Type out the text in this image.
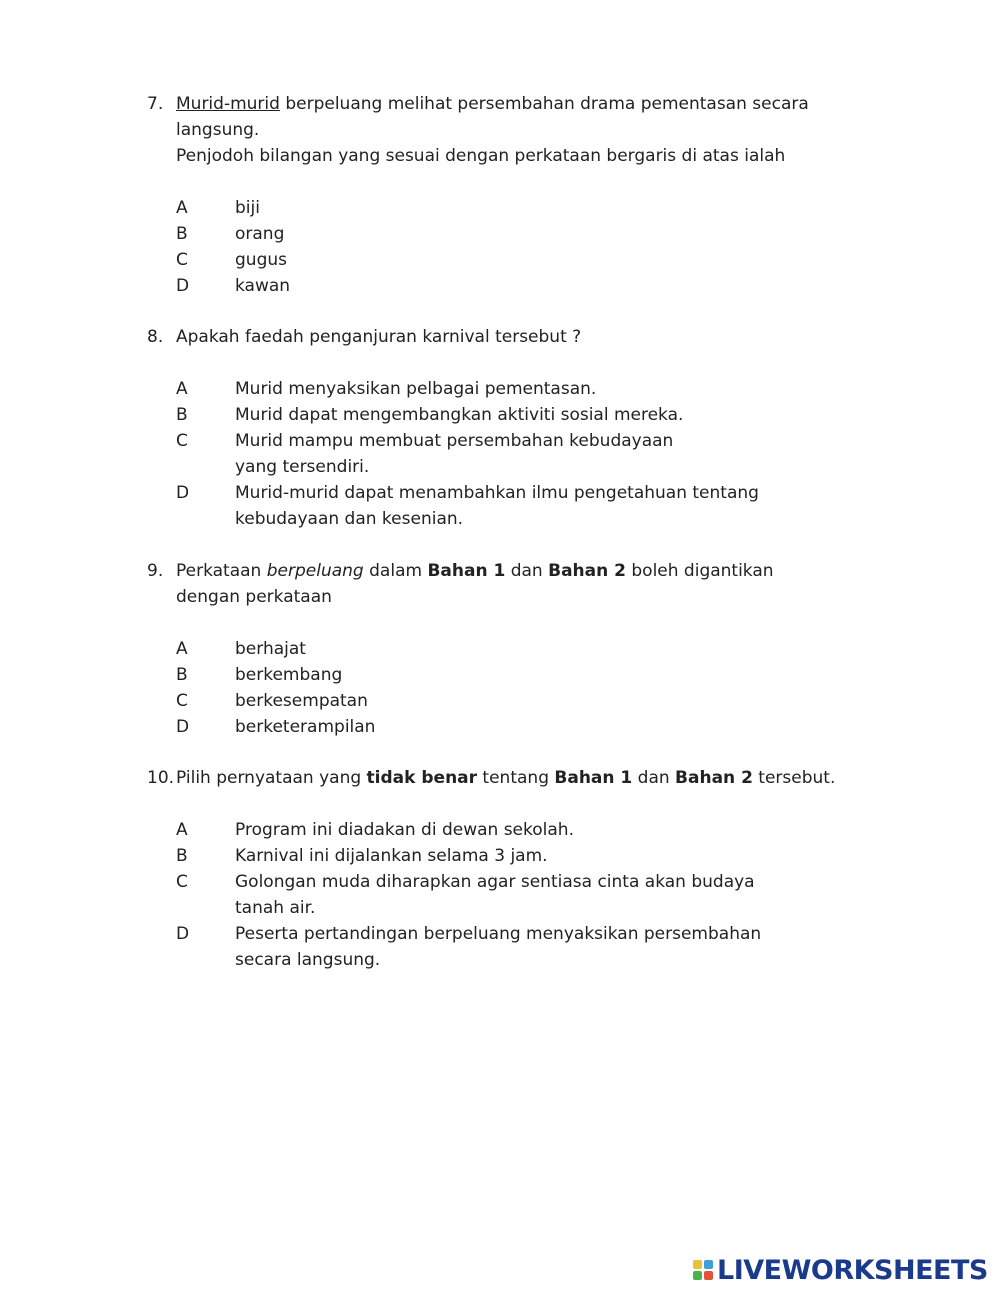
7. Murid-murid berpeluang melihat persembahan drama pementasan secara langsung.

Penjodoh bilangan yang sesuai dengan perkataan bergaris di atas ialah

A	biji
B	orang
C	gugus
D	kawan
8. Apakah faedah penganjuran karnival tersebut ?

A	Murid menyaksikan pelbagai pementasan.
B	Murid dapat mengembangkan aktiviti sosial mereka.
C	Murid mampu membuat persembahan kebudayaan yang tersendiri.
D	Murid-murid dapat menambahkan ilmu pengetahuan tentang kebudayaan dan kesenian.
9. Perkataan berpeluang dalam Bahan 1 dan Bahan 2 boleh digantikan dengan perkataan

A	berhajat
B	berkembang
C	berkesempatan
D	berketerampilan
10. Pilih pernyataan yang tidak benar tentang Bahan 1 dan Bahan 2 tersebut.

A	Program ini diadakan di dewan sekolah.
B	Karnival ini dijalankan selama 3 jam.
C	Golongan muda diharapkan agar sentiasa cinta akan budaya tanah air.
D	Peserta pertandingan berpeluang menyaksikan persembahan secara langsung.
LIVEWORKSHEETS
